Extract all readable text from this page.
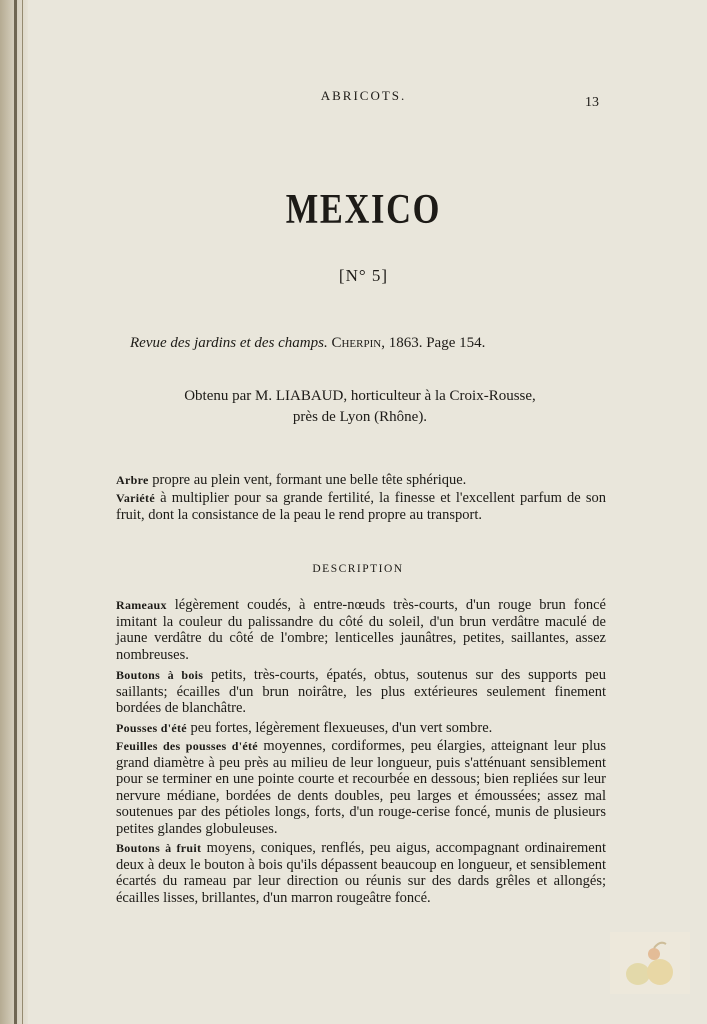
ABRICOTS.	13
MEXICO
[N° 5]
Revue des jardins et des champs. Cherpin, 1863. Page 154.
Obtenu par M. LIABAUD, horticulteur à la Croix-Rousse,
près de Lyon (Rhône).
Arbre propre au plein vent, formant une belle tête sphérique.
Variété à multiplier pour sa grande fertilité, la finesse et l'excellent parfum de son fruit, dont la consistance de la peau le rend propre au transport.
DESCRIPTION
Rameaux légèrement coudés, à entre-nœuds très-courts, d'un rouge brun foncé imitant la couleur du palissandre du côté du soleil, d'un brun verdâtre maculé de jaune verdâtre du côté de l'ombre; lenticelles jaunâtres, petites, saillantes, assez nombreuses.
Boutons à bois petits, très-courts, épatés, obtus, soutenus sur des supports peu saillants; écailles d'un brun noirâtre, les plus extérieures seulement finement bordées de blanchâtre.
Pousses d'été peu fortes, légèrement flexueuses, d'un vert sombre.
Feuilles des pousses d'été moyennes, cordiformes, peu élargies, atteignant leur plus grand diamètre à peu près au milieu de leur longueur, puis s'atténuant sensiblement pour se terminer en une pointe courte et recourbée en dessous; bien repliées sur leur nervure médiane, bordées de dents doubles, peu larges et émoussées; assez mal soutenues par des pétioles longs, forts, d'un rouge-cerise foncé, munis de plusieurs petites glandes globuleuses.
Boutons à fruit moyens, coniques, renflés, peu aigus, accompagnant ordinairement deux à deux le bouton à bois qu'ils dépassent beaucoup en longueur, et sensiblement écartés du rameau par leur direction ou réunis sur des dards grêles et allongés; écailles lisses, brillantes, d'un marron rougeâtre foncé.
